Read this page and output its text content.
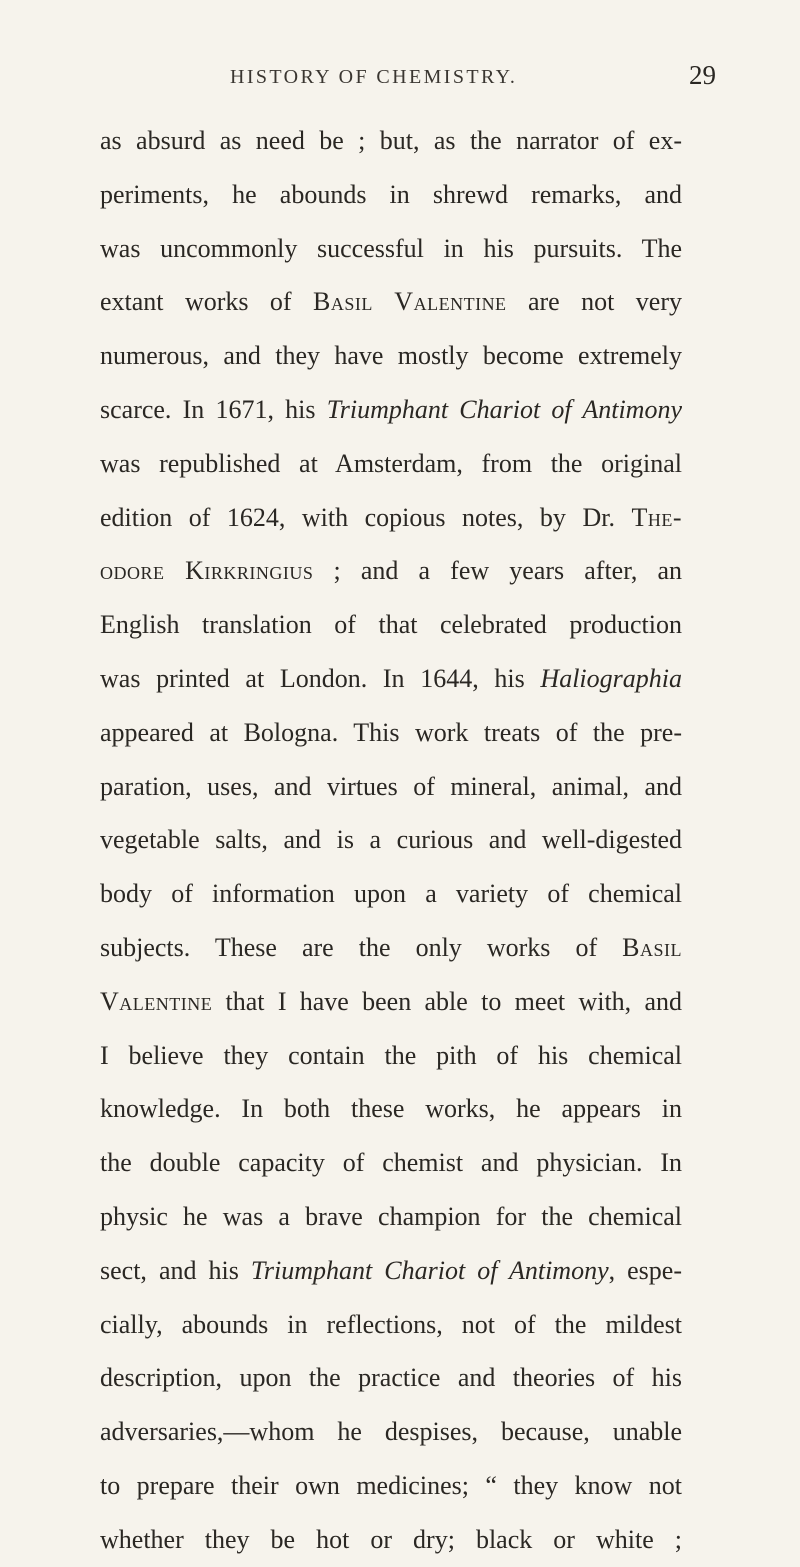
HISTORY OF CHEMISTRY.	29
as absurd as need be ; but, as the narrator of ex-
periments, he abounds in shrewd remarks, and
was uncommonly successful in his pursuits. The
extant works of Basil Valentine are not very
numerous, and they have mostly become extremely
scarce. In 1671, his Triumphant Chariot of Antimony
was republished at Amsterdam, from the original
edition of 1624, with copious notes, by Dr. The-
odore Kirkringius ; and a few years after, an
English translation of that celebrated production
was printed at London. In 1644, his Haliographia
appeared at Bologna. This work treats of the pre-
paration, uses, and virtues of mineral, animal, and
vegetable salts, and is a curious and well-digested
body of information upon a variety of chemical
subjects. These are the only works of Basil
Valentine that I have been able to meet with, and
I believe they contain the pith of his chemical
knowledge. In both these works, he appears in
the double capacity of chemist and physician. In
physic he was a brave champion for the chemical
sect, and his Triumphant Chariot of Antimony, espe-
cially, abounds in reflections, not of the mildest
description, upon the practice and theories of his
adversaries,—whom he despises, because, unable
to prepare their own medicines; “ they know not
whether they be hot or dry; black or white ;
